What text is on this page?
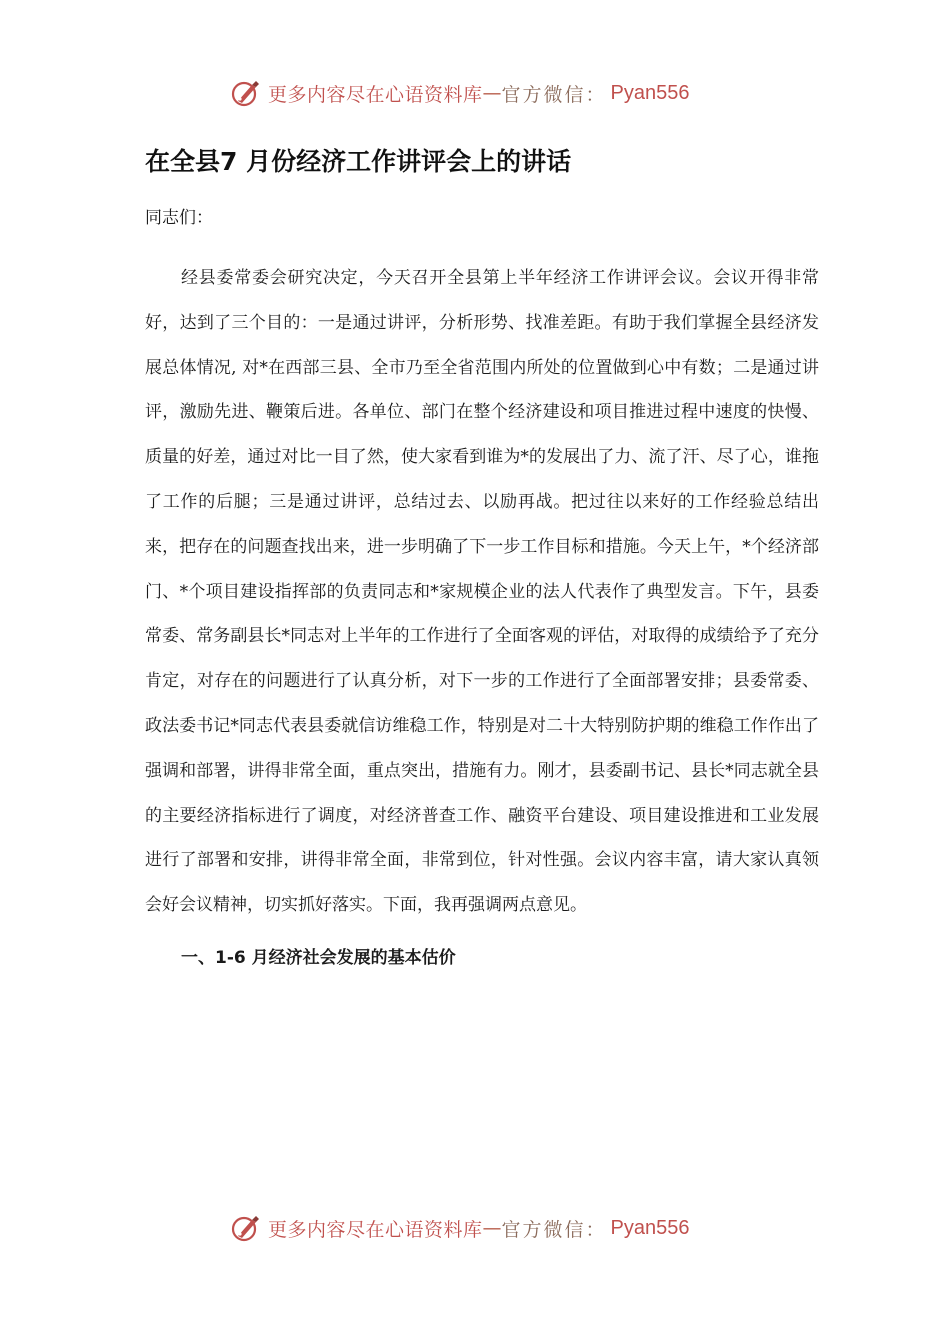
更多内容尽在心语资料库 — 官方微信： Pyan556
在全县7 月份经济工作讲评会上的讲话

同志们：

经县委常委会研究决定，今天召开全县第上半年经济工作讲评会议。会议开得非常好，达到了三个目的：一是通过讲评，分析形势、找准差距。有助于我们掌握全县经济发展总体情况, 对*在西部三县、全市乃至全省范围内所处的位置做到心中有数；二是通过讲评，激励先进、鞭策后进。各单位、部门在整个经济建设和项目推进过程中速度的快慢、质量的好差，通过对比一目了然，使大家看到谁为*的发展出了力、流了汗、尽了心，谁拖了工作的后腿；三是通过讲评，总结过去、以励再战。把过往以来好的工作经验总结出来，把存在的问题查找出来，进一步明确了下一步工作目标和措施。今天上午，*个经济部门、*个项目建设指挥部的负责同志和*家规模企业的法人代表作了典型发言。下午，县委常委、常务副县长*同志对上半年的工作进行了全面客观的评估，对取得的成绩给予了充分肯定，对存在的问题进行了认真分析，对下一步的工作进行了全面部署安排；县委常委、政法委书记*同志代表县委就信访维稳工作，特别是对二十大特别防护期的维稳工作作出了强调和部署，讲得非常全面，重点突出，措施有力。刚才，县委副书记、县长*同志就全县的主要经济指标进行了调度，对经济普查工作、融资平台建设、项目建设推进和工业发展进行了部署和安排，讲得非常全面，非常到位，针对性强。会议内容丰富，请大家认真领会好会议精神，切实抓好落实。下面，我再强调两点意见。

一、1-6 月经济社会发展的基本估价
更多内容尽在心语资料库 — 官方微信： Pyan556
